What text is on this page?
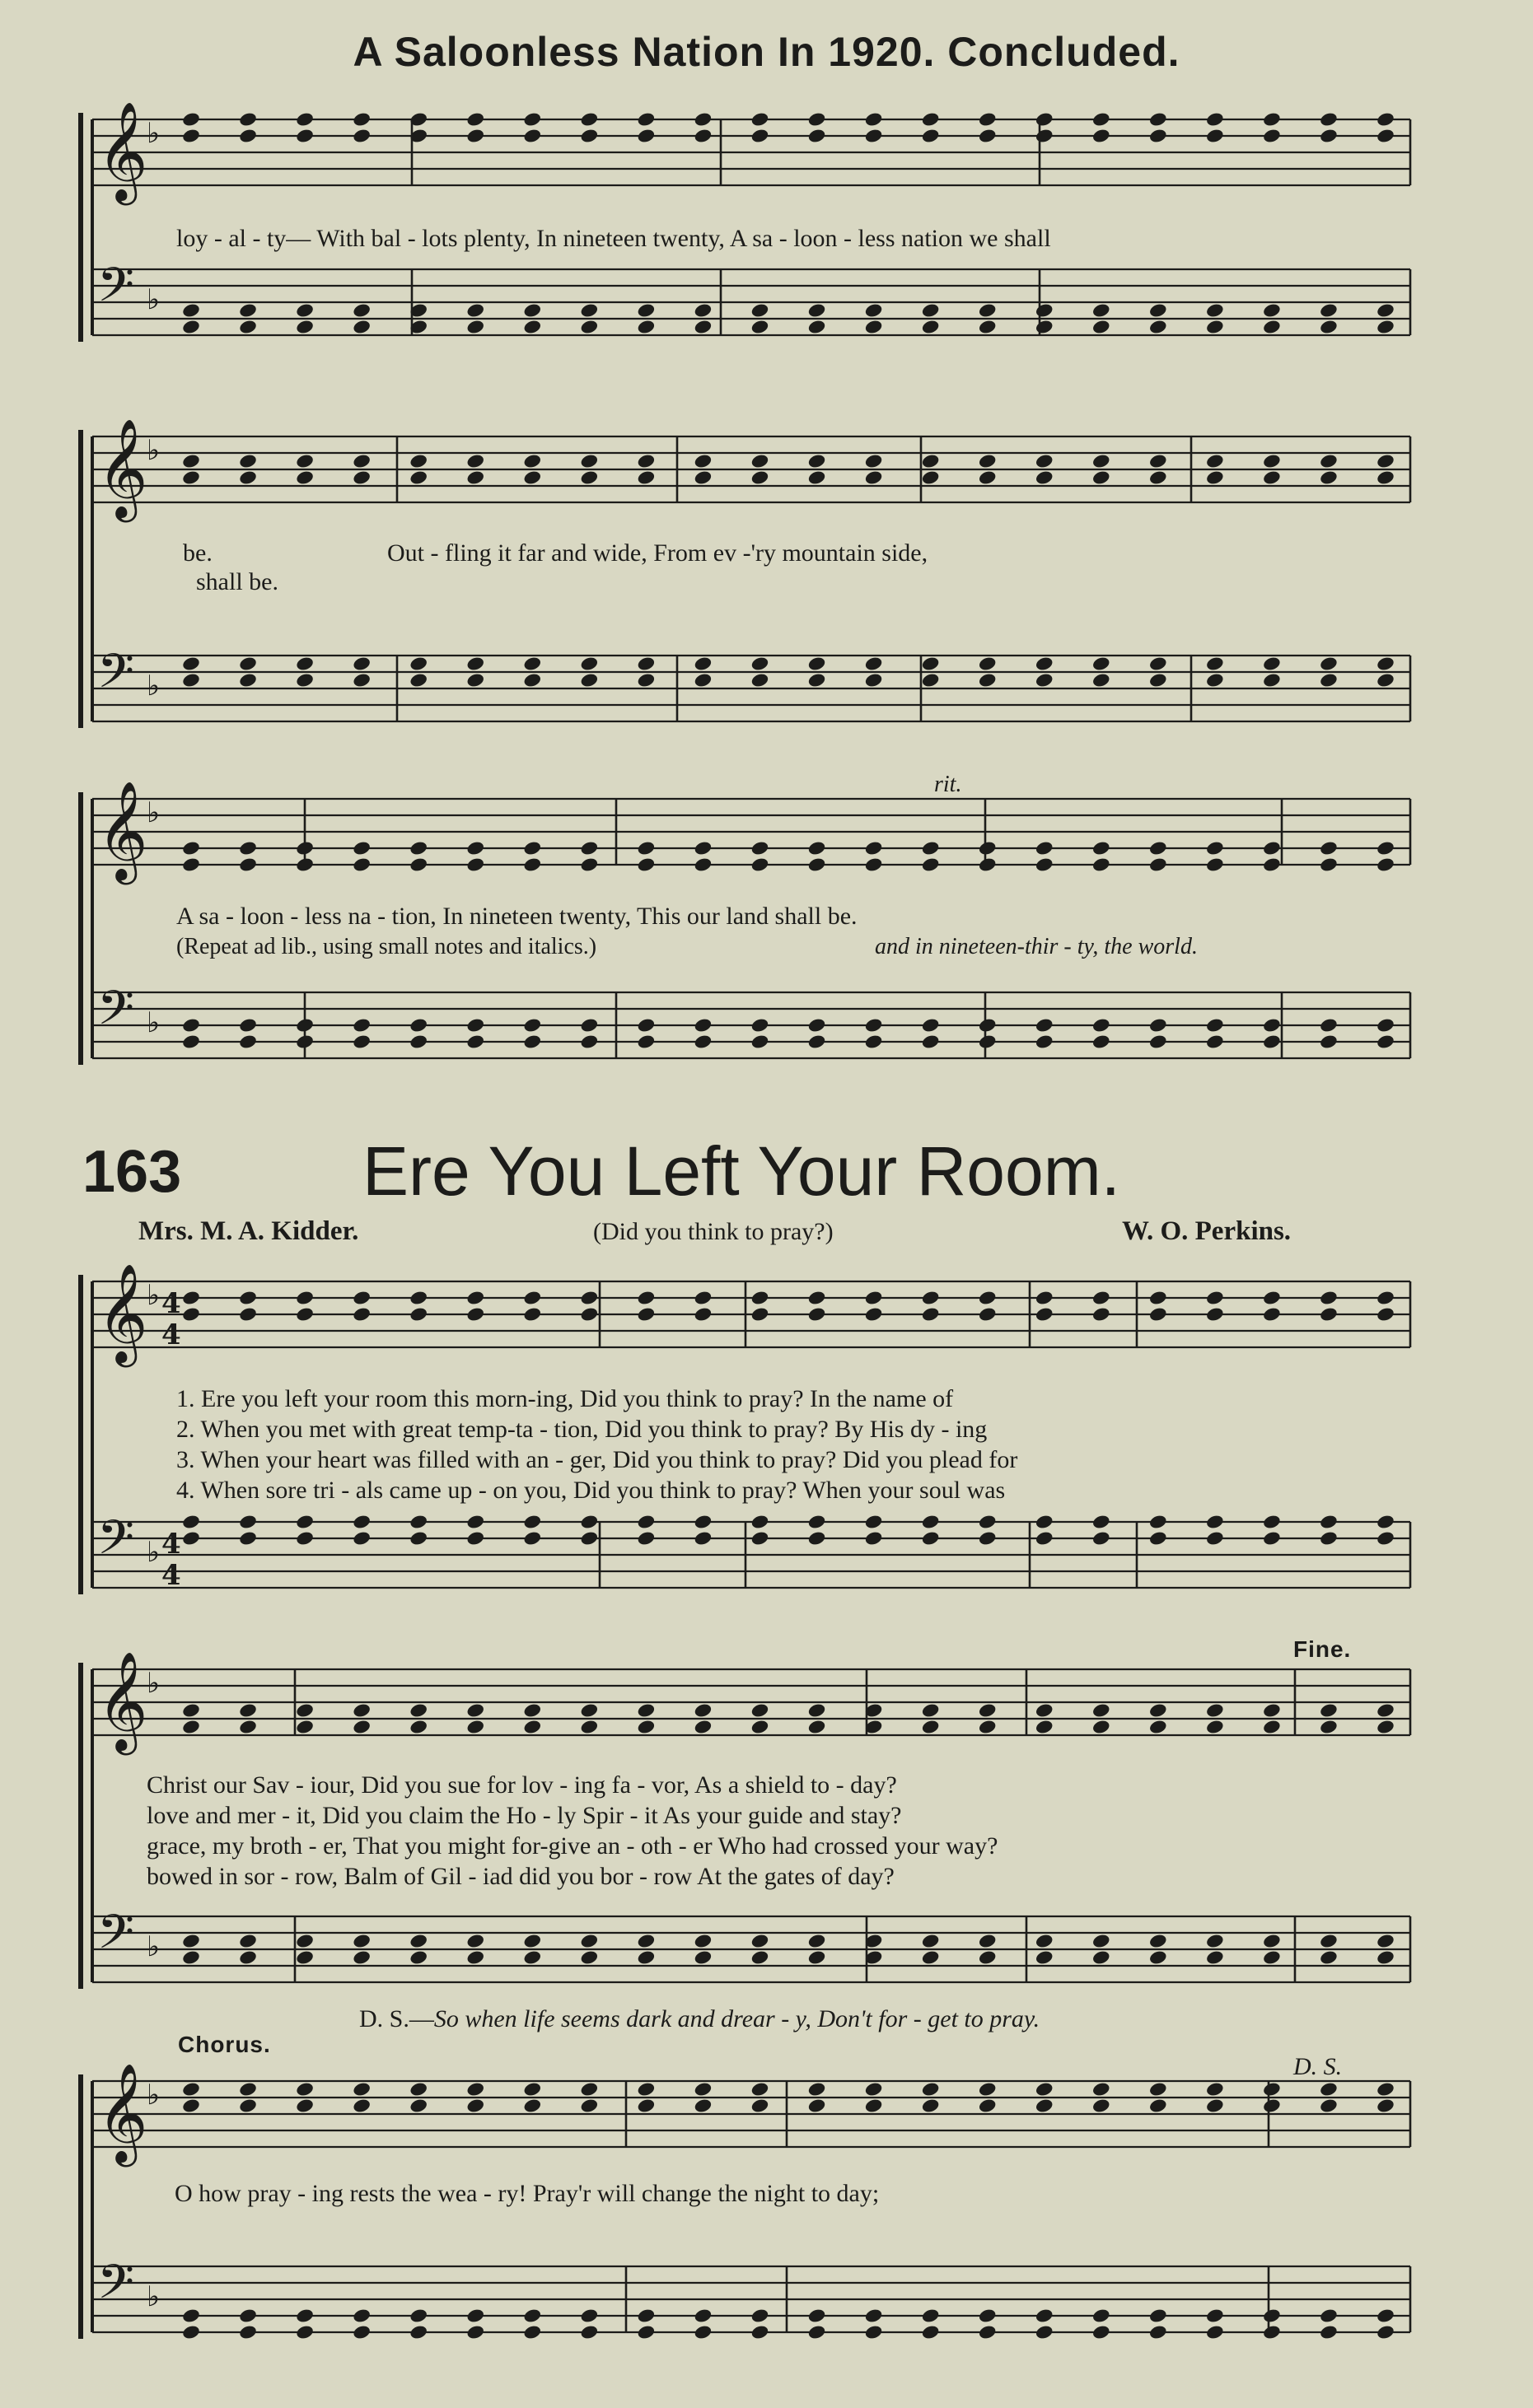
A Saloonless Nation In 1920. Concluded.
163	Ere You Left Your Room.
Mrs. M. A. Kidder.	(Did you think to pray?)	W. O. Perkins.
𝄞
♭
𝄢 ♭
𝄞
♭
𝄢 ♭
𝄞
♭
𝄢 ♭
𝄞
♭ 4
4
𝄢 ♭ 4
4
𝄞
♭
𝄢 ♭
𝄞
♭
𝄢 ♭
loy - al - ty— With bal - lots plenty, In nineteen twenty, A sa - loon - less nation we shall
be.
shall be.
Out - fling it far and wide, From ev -'ry mountain side,
rit.
A sa - loon - less na - tion, In nineteen twenty, This our land shall be.
(Repeat ad lib., using small notes and italics.)	and in nineteen-thir - ty, the world.
1. Ere you left your room this morn-ing, Did you think to pray? In the name of
2. When you met with great temp-ta - tion, Did you think to pray? By His dy - ing
3. When your heart was filled with an - ger, Did you think to pray? Did you plead for
4. When sore tri - als came up - on you, Did you think to pray? When your soul was
Fine.
Christ our Sav - iour, Did you sue for lov - ing fa - vor, As a shield to - day?
love and mer - it, Did you claim the Ho - ly Spir - it As your guide and stay?
grace, my broth - er, That you might for-give an - oth - er Who had crossed your way?
bowed in sor - row, Balm of Gil - iad did you bor - row At the gates of day?
D. S.—So when life seems dark and drear - y, Don't for - get to pray.
Chorus.
D. S.
O how pray - ing rests the wea - ry! Pray'r will change the night to day;
